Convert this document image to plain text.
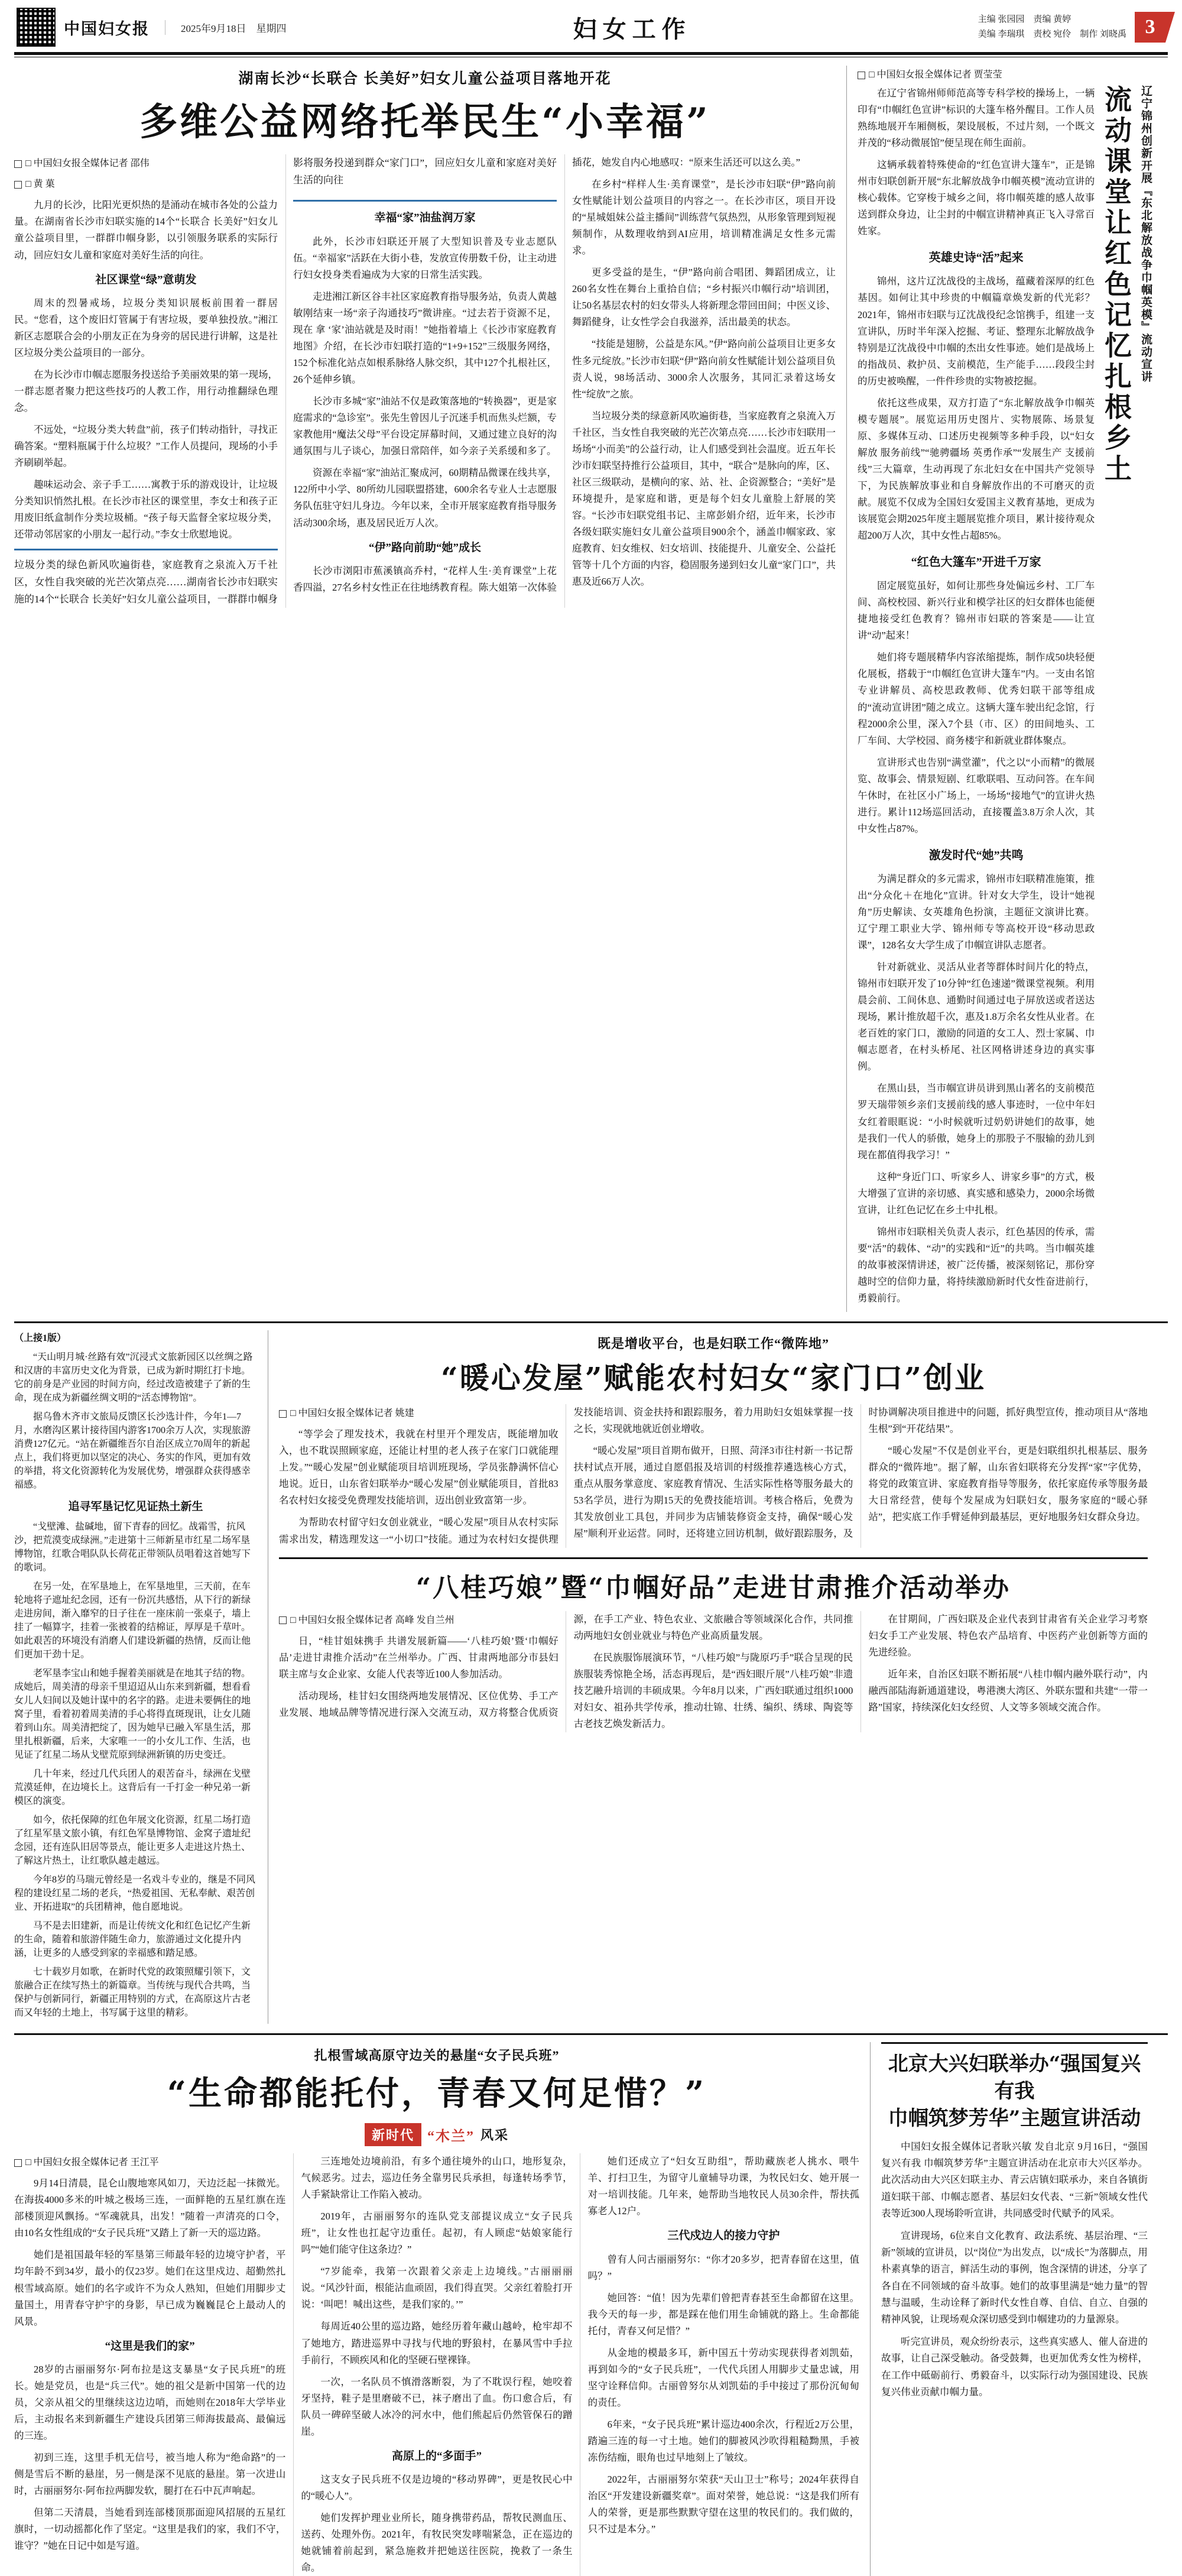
中国妇女报	2025年9月18日　星期四	妇女工作	主编 张园园　责编 黄婷
美编 李瑞琪　责校 宛伶　制作 刘晓禹 3
湖南长沙“长联合 长美好”妇女儿童公益项目落地开花
多维公益网络托举民生“小幸福”
□ 中国妇女报全媒体记者 邵伟
□ 黄 菓

九月的长沙，比阳光更炽热的是涌动在城市各处的公益力量。在湖南省长沙市妇联实施的14个“长联合 长美好”妇女儿童公益项目里，一群群巾帼身影，以引领服务联系的实际行动，回应妇女儿童和家庭对美好生活的向往。

社区课堂“绿”意萌发

周末的烈暑戒场，垃圾分类知识展板前围着一群居民。“您看，这个废旧灯管属于有害垃圾，要单独投放。”湘江新区志愿联合会的小朋友正在为身旁的居民进行讲解，这是社区垃圾分类公益项目的一部分。

在为长沙市巾帼志愿服务投送给予美丽效果的第一现场，一群志愿者聚力把这些技巧的人教工作，用行动推翻绿色理念。

不远处，“垃圾分类大转盘”前，孩子们转动指针，寻找正确答案。“塑料瓶属于什么垃圾？”工作人员提问，现场的小手齐刷刷举起。

趣味运动会、亲子手工……寓教于乐的游戏设计，让垃圾分类知识悄然扎根。在长沙市社区的课堂里，李女士和孩子正用废旧纸盒制作分类垃圾桶。“孩子每天监督全家垃圾分类，还带动邻居家的小朋友一起行动。”李女士欣慰地说。

垃圾分类的绿色新风吹遍街巷，家庭教育之泉流入万千社区，女性自我突破的光芒次第点亮……湖南省长沙市妇联实施的14个“长联合 长美好”妇女儿童公益项目，一群群巾帼身影将服务投递到群众“家门口”，回应妇女儿童和家庭对美好生活的向往

幸福“家”油盐润万家

此外，长沙市妇联还开展了大型知识普及专业志愿队伍。“幸福家”活跃在大街小巷，发放宣传册数千份，让主动进行妇女投身类看遍成为大家的日常生活实践。

走进湘江新区谷丰社区家庭教育指导服务站，负责人黄越敏刚结束一场“亲子沟通技巧”微讲座。“过去若于资源不足，现在 拿 ‘家’油站就是及时雨！”她指着墙上《长沙市家庭教育地图》介绍，在长沙市妇联打造的“1+9+152”三级服务网络，152个标准化站点如根系脉络人脉交织，其中127个扎根社区，26个延伸乡镇。

长沙市多城“家”油站不仅是政策落地的“转换器”，更是家庭需求的“急诊室”。张先生曾因儿子沉迷手机而焦头烂额，专家教他用“魔法父母”平台设定屏幕时间，又通过建立良好的沟通氛围与儿子谈心，加强日常陪伴，如今亲子关系缓和多了。

资源在幸福“家”油站汇聚成河，60期精品微课在线共享，122所中小学、80所幼儿园联盟搭建，600余名专业人士志愿服务队伍驻守妇儿身边。今年以来，全市开展家庭教育指导服务活动300余场，惠及居民近万人次。

“伊”路向前助“她”成长

长沙市浏阳市蕉溪镇高乔村，“花样人生·美育课堂”上花香四溢，27名乡村女性正在往地绣教育程。陈大姐第一次体验插花，她发自内心地感叹：“原来生活还可以这么美。”

在乡村“样样人生·美育课堂”，是长沙市妇联“伊”路向前女性赋能计划公益项目的内容之一。在长沙市区，项目开设的“星城姐妹公益主播间”训练营气氛热烈，从形象管理到短视频制作，从数理收纳到AI应用，培训精准满足女性多元需求。

更多受益的是生，“伊”路向前合唱团、舞蹈团成立，让260名女性在舞台上重拾自信；“乡村振兴巾帼行动”培训团，让50名基层农村的妇女带头人将新理念带回田间；中医义诊、舞蹈健身，让女性学会自我滋养，活出最美的状态。

“技能是翅膀，公益是东风。”伊“路向前公益项目让更多女性多元绽放。”长沙市妇联“伊”路向前女性赋能计划公益项目负责人说，98场活动、3000余人次服务，其同汇录着这场女性“绽放”之旅。

当垃圾分类的绿意新风吹遍街巷，当家庭教育之泉流入万千社区，当女性自我突破的光芒次第点亮……长沙市妇联用一场场“小而美”的公益行动，让人们感受到社会温度。近五年长沙市妇联坚持推行公益项目，其中，“联合”是脉向的库，区、社区三级联动，是横向的家、站、社、企资源整合；“美好”是环境提升，是家庭和谐，更是每个妇女儿童脸上舒展的笑容。“长沙市妇联党组书记、主席彭娟介绍，近年来，长沙市各级妇联实施妇女儿童公益项目900余个，涵盖巾帼家政、家庭教育、妇女维权、妇女培训、技能提升、儿童安全、公益托管等十几个方面的内容，稳固服务递到妇女儿童“家门口”，共惠及近66万人次。

□ 中国妇女报全媒体记者 贾莹莹
辽宁锦州创新开展『东北解放战争巾帼英模』流动宣讲
流动课堂让红色记忆扎根乡土

在辽宁省锦州师师范高等专科学校的操场上，一辆印有“巾帼红色宣讲”标识的大篷车格外醒目。工作人员熟练地展开车厢侧板，架设展板，不过片刻，一个既文并茂的“移动微展馆”便呈现在师生面前。

这辆承载着特殊使命的“红色宣讲大篷车”，正是锦州市妇联创新开展“东北解放战争巾帼英模”流动宣讲的核心载体。它穿梭于城乡之间，将巾帼英雄的感人故事送到群众身边，让尘封的中帼宣讲精神真正飞入寻常百姓家。

英雄史诗“活”起来

锦州，这片辽沈战役的主战场，蕴藏着深厚的红色基因。如何让其中珍贵的中帼篇章焕发新的代光彩？2021年，锦州市妇联与辽沈战役纪念馆携手，组建一支宣讲队，历时半年深入挖掘、考证、整理东北解放战争特别是辽沈战役中巾帼的杰出女性事迹。她们是战场上的指战员、救护员、支前模范，生产能手……段段尘封的历史被唤醒，一件件珍贵的实物被挖掘。

依托这些成果，双方打造了“东北解放战争巾帼英模专题展”。展览运用历史图片、实物展陈、场景复原、多媒体互动、口述历史视频等多种手段，以“妇女解放 服务前线”“驰骋疆场 英勇作承”“发展生产 支援前线”三大篇章，生动再现了东北妇女在中国共产党领导下，为民族解放事业和自身解放作出的不可磨灭的贡献。展览不仅成为全国妇女爱国主义教育基地，更成为该展览会期2025年度主题展览推介项目，累计接待观众超200万人次，其中女性占超85%。

“红色大篷车”开进千万家

固定展览虽好，如何让那些身处偏远乡村、工厂车间、高校校园、新兴行业和模学社区的妇女群体也能便捷地接受红色教育？锦州市妇联的答案是——让宣讲“动”起来！

她们将专题展精华内容浓缩提炼，制作成50块轻便化展板，搭载于“巾帼红色宣讲大篷车”内。一支由名馆专业讲解员、高校思政教师、优秀妇联干部等组成的“流动宣讲团”随之成立。这辆大篷车驶出纪念馆，行程2000余公里，深入7个县（市、区）的田间地头、工厂车间、大学校园、商务楼宇和新就业群体聚点。

宣讲形式也告别“满堂灌”，代之以“小而精”的微展览、故事会、情景短剧、红歌联唱、互动问答。在车间午休时，在社区小广场上，一场场“接地气”的宣讲火热进行。累计112场巡回活动，直接覆盖3.8万余人次，其中女性占87%。

激发时代“她”共鸣

为满足群众的多元需求，锦州市妇联精准施策，推出“分众化＋在地化”宣讲。针对女大学生，设计“她视角”历史解读、女英雄角色扮演，主题征文演讲比赛。辽宁理工职业大学、锦州师专等高校开设“移动思政课”，128名女大学生成了巾帼宣讲队志愿者。

针对新就业、灵活从业者等群体时间片化的特点，锦州市妇联开发了10分钟“红色速递”微课堂视频。利用晨会前、工间休息、通勤时间通过电子屏放送或者送达现场，累计推放超千次，惠及1.8万余名女性从业者。在老百姓的家门口，激励的同道的女工人、烈士家属、巾帼志愿者，在村头桥尾、社区网格讲述身边的真实事例。

在黑山县，当市帼宣讲员讲到黑山著名的支前模范罗天瑞带领乡亲们支援前线的感人事迹时，一位中年妇女红着眼眶说：“小时候就听过奶奶讲她们的故事，她是我们一代人的骄傲，她身上的那股子不服输的劲儿到现在都值得我学习！”

这种“身近门口、听家乡人、讲家乡事”的方式，极大增强了宣讲的亲切感、真实感和感染力，2000余场微宣讲，让红色记忆在乡土中扎根。

锦州市妇联相关负责人表示，红色基因的传承，需要“活”的载体、“动”的实践和“近”的共鸣。当巾帼英雄的故事被深情讲述，被广泛传播，被深刻铭记，那份穿越时空的信仰力量，将持续激励新时代女性奋进前行，勇毅前行。

（上接1版）

“天山明月城·丝路有效”沉浸式文旅新园区以丝绸之路和汉唐的丰富历史文化为背景，已成为新时期红打卡地。它的前身是产业园的时间方向，经过改造被建子了新的生命，现在成为新疆丝绸文明的“活态博物馆”。

据乌鲁木齐市文旅局反馈区长沙选计件，今年1—7月，水磨沟区累计接待国内游客1700余万人次，实现旅游消费127亿元。“站在新疆维吾尔自治区成立70周年的新起点上，我们将更加以坚定的决心、务实的作风，更加有效的举措，将文化资源转化为发展优势，增强群众获得感幸福感。

追寻军垦记忆见证热土新生

“戈壁滩、盐碱地，留下青春的回忆。战霜雪，抗风沙，把荒漠变成绿洲。”走进第十三师新星市红星二场军垦博物馆，红歌合唱队队长荷花正带领队员唱着这首她写下的歌词。

在另一处，在军垦地上，在军垦地里，三天前，在车轮地将子遮址纪念园，还有一份沉共感悟，从下行的新绿走进房间，渐入靡窄的日子往在一座床前一张桌子，墙上挂了一幅算字，挂着一张被着的结棉证，厚厚是千草叶。如此艰苦的环境没有消磨人们建设新疆的热情，反而让他们更加干劲十足。

老军垦李宝山和她手握着美丽就是在地其子结的物。成她后，周美清的母亲千里迢迢从山东来到新疆，想看看女儿人妇间以及她计谋中的名字的路。走进未要俩住的地窝子里，看着初着周美清的手心将得直斑现讯，让女儿随着到山东。周美清把绽了，因为她早已融入军垦生活，那里扎根新疆，后来，大家唯一一的小女儿工作、生活，也见证了红星二场从戈壁荒原到绿洲新镇的历史变迁。

几十年来，经过几代兵团人的艰苦奋斗，绿洲在戈壁荒漠延伸，在边境长上。这背后有一千打金一种兄弟一新模区的演变。

如今，依托保障的红色年展文化资源，红星二场打造了红星军垦文旅小镇，有红色军垦博物馆、金窝子遗址纪念园，还有连队旧居等景点，能让更多人走进这片热土、了解这片热土，让红歌队越走越远。

今年8岁的马瑞元曾经是一名戏斗专业的，继是不同风程的建设红星二场的老兵，“热爱祖国、无私奉献、艰苦创业、开拓进取”的兵团精神，他自愿地说。

马不是去旧建新，而是让传统文化和红色记忆产生新的生命，随着和旅游伴随生命力，旅游通过文化提升内涵，让更多的人感受到家的幸福感和踏足感。

七十载岁月如歌，在新时代党的政策照耀引领下，文旅融合正在续写热土的新篇章。当传统与现代合共鸣，当保护与创新同行，新疆正用特别的方式，在高原这片古老而又年轻的土地上，书写属于这里的精彩。

既是增收平台，也是妇联工作“微阵地”
“暖心发屋”赋能农村妇女“家门口”创业
□ 中国妇女报全媒体记者 姚建

“等学会了理发技术，我就在村里开个理发店，既能增加收入，也不耽误照顾家庭，还能让村里的老人孩子在家门口就能理上发。”“暖心发屋”创业赋能项目培训班现场，学员张静满怀信心地说。近日，山东省妇联举办“暖心发屋”创业赋能项目，首批83名农村妇女接受免费理发技能培训，迈出创业致富第一步。

为帮助农村留守妇女创业就业，“暖心发屋”项目从农村实际需求出发，精选理发这一“小切口”技能。通过为农村妇女提供理发技能培训、资金扶持和跟踪服务，着力用助妇女姐妹掌握一技之长，实现就地就近创业增收。

“暖心发屋”项目首期布做开，日照、菏泽3市往村新一书记帮扶村试点开展，通过自愿倡报及培训的村级推荐遴选核心方式，重点从服务掌意度、家庭教育情况、生活实际性格等服务最大的53名学员，进行为期15天的免费技能培训。考核合格后，免费为其发放创业工具包，并同步为店铺装修资金支持，确保“暖心发屋”顺利开业运营。同时，还将建立回访机制，做好跟踪服务，及时协调解决项目推进中的问题，抓好典型宣传，推动项目从“落地生根”到“开花结果”。

“暖心发屋”不仅是创业平台，更是妇联组织扎根基层、服务群众的“微阵地”。据了解，山东省妇联将充分发挥“家”字优势，将党的政策宣讲、家庭教育指导等服务，依托家庭传承等服务最大日常经营，使每个发屋成为妇联妇女，服务家庭的“暖心驿站”，把实底工作手臂延伸到最基层，更好地服务妇女群众身边。

“八桂巧娘”暨“巾帼好品”走进甘肃推介活动举办
□ 中国妇女报全媒体记者 高峰 发自兰州

日，“桂甘姐妹携手 共谱发展新篇——‘八桂巧娘’暨‘巾帼好品’走进甘肃推介活动”在兰州举办。广西、甘肃两地部分市县妇联主席与女企业家、女能人代表等近100人参加活动。

活动现场，桂甘妇女围绕两地发展情况、区位优势、手工产业发展、地域品牌等情况进行深入交流互动，双方将整合优质资源，在手工产业、特色农业、文旅融合等领域深化合作，共同推动两地妇女创业就业与特色产业高质量发展。

在民族服饰展演环节，“八桂巧娘”与陇原巧手”联合呈现的民族服装秀惊艳全场，活态再现后，是“西妇眼斤展”八桂巧娘”非遗技艺融升培训的丰硕成果。今年8月以来，广西妇联通过组织1000对妇女、祖孙共学传承，推动壮锦、壮绣、编织、绣球、陶瓷等古老技艺焕发新活力。

在甘期间，广西妇联及企业代表到甘肃省有关企业学习考察妇女手工产业发展、特色农产品培育、中医药产业创新等方面的先进经验。

近年来，自治区妇联不断拓展“八桂巾帼内融外联行动”，内融西部陆海新通道建设，粤港澳大湾区、外联东盟和共建“一带一路”国家，持续深化妇女经贸、人文等多领域交流合作。

扎根雪域高原守边关的悬崖“女子民兵班”
“生命都能托付，青春又何足惜？”
新时代 “木兰” 风采
□ 中国妇女报全媒体记者 王江平

9月14日清晨，昆仑山腹地寒风如刀，天边泛起一抹微光。在海拔4000多米的叶城之极场三连，一面鲜艳的五星红旗在连部楼顶迎风飘扬。“军魂就具，出发！”随着一声清亮的口令，由10名女性组成的“女子民兵班”又踏上了新一天的巡边路。

她们是祖国最年轻的军垦第三师最年轻的边境守护者，平均年龄不到34岁，最小的仅23岁。她们在这里戍边、超勤然扎根雪域高原。她们的名字或许不为众人熟知，但她们用脚步丈量国土，用青春守护宇的身影，早已成为巍巍昆仑上最动人的风景。

“这里是我们的家”

28岁的古丽丽努尔·阿布拉是这支暴垦“女子民兵班”的班长。她是党员，也是“兵三代”。她的祖父是新中国第一代的边员，父亲从祖父的里继续这边边哨，而她则在2018年大学毕业后，主动报名来到新疆生产建设兵团第三师海拔最高、最偏远的三连。

初到三连，这里手机无信号，被当地人称为“绝命路”的一侧是雪后不断的悬崖，另一侧是深不见底的悬崖。第一次进山时，古丽丽努尔·阿布拉两脚发软，腿打在石中瓦声响起。

但第二天清晨，当她看到连部楼顶那面迎风招展的五星红旗时，一切动摇都化作了坚定。“这里是我们的家，我们不守，谁守？”她在日记中如是写道。

三连地处边境前沿，有多个通往境外的山口，地形复杂，气候恶劣。过去，巡边任务全靠男民兵承担，每逢转场季节，人手紧缺常让工作陷入被动。

2019年，古丽丽努尔的连队党支部提议成立“女子民兵班”，让女性也扛起守边重任。起初，有人顾虑“姑娘家能行吗”“她们能守住这条边？”

“7岁能牵，我第一次跟着父亲走上边境线。”古丽丽丽说。“风沙针面，根能沾血顽固，我们得直哭。父亲红着脸打开说：‘叫吧！喊出这些，是我们家的。’”

每周近40公里的巡边路，她经历着年藏山越岭，枪牢却不了她地方，踏进巡界中寻找与代地的野狼村，在暴风雪中手拉手前行，不顾疾风和化的坚硬石壁裸锋。

一次，一名队员不慎滑落断裂，为了不耽误行程，她咬着牙坚持，鞋子是里磨破不已，袜子磨出了血。伤口愈合后，有队员一碑碎坚破人冰冷的河水中，他们熊起后仍然管保石的蹭崖。

高原上的“多面手”

这支女子民兵班不仅是边境的“移动界碑”，更是牧民心中的“暖心人”。

她们发挥护理业业所长，随身携带药品，帮牧民测血压、送药、处理外伤。2021年，有牧民突发哮喘紧急，正在巡边的她就铺着前起到，紧急施救并把她送往医院，挽救了一条生命。

她们还成立了“妇女互助组”，帮助藏族老人挑水、喂牛羊、打扫卫生，为留守儿童辅导功课，为牧民妇女、她开展一对一培训技能。几年来，她帮助当地牧民人员30余件，帮扶孤寡老人12户。

三代戍边人的接力守护

曾有人问古丽丽努尔：“你才20多岁，把青春留在这里，值吗？”

她回答：“值！因为先辈们曾把青春甚至生命都留在这里。我今天的每一步，都是踩在他们用生命铺就的路上。生命都能托付，青春又何足惜？”

从金地的模最多耳，新中国五十劳动实现获得者刘凯茹，再到如今的“女子民兵班”，一代代兵团人用脚步丈量忠诚，用坚守诠释信仰。古丽曾努尔从刘凯茹的手中接过了那份沉甸甸的责任。

6年来，“女子民兵班”累计巡边400余次，行程近2万公里，踏遍三连的每一寸土地。她们的脚被风沙吹得粗糙黝黑，手被冻伤结痂，眼角也过早地刻上了皱纹。

2022年，古丽丽努尔荣获“天山卫士”称号；2024年获得自治区“开发建设新疆奖章”。面对荣誉，她总说：“这是我们所有人的荣誉，更是那些默默守望在这里的牧民们的。我们做的，只不过是本分。”

北京大兴妇联举办“强国复兴有我
巾帼筑梦芳华”主题宣讲活动

中国妇女报全媒体记者耿兴敏 发自北京 9月16日，“强国复兴有我 巾帼筑梦芳华”主题宣讲活动在北京市大兴区举办。此次活动由大兴区妇联主办、青云店镇妇联承办，来自各镇街道妇联干部、巾帼志愿者、基层妇女代表、“三新”领域女性代表等近300人现场聆听宣讲，共同感受时代赋予的风采。

宣讲现场，6位来自文化教育、政法系统、基层治理、“三新”领域的宣讲员，以“岗位”为出发点，以“成长”为落脚点，用朴素真挚的语言，鲜活生动的事例，饱含深情的讲述，分享了各自在不同领域的奋斗故事。她们的故事里满是“她力量”的智慧与温暖，生动诠释了新时代女性自尊、自信、自立、自强的精神风貌，让现场观众深切感受到巾帼建功的力量源泉。

听完宣讲员，观众纷纷表示，这些真实感人、催人奋进的故事，让自己深受触动。备受鼓舞，也更加优秀女性为榜样，在工作中砥砺前行、勇毅奋斗，以实际行动为强国建设、民族复兴伟业贡献巾帼力量。
